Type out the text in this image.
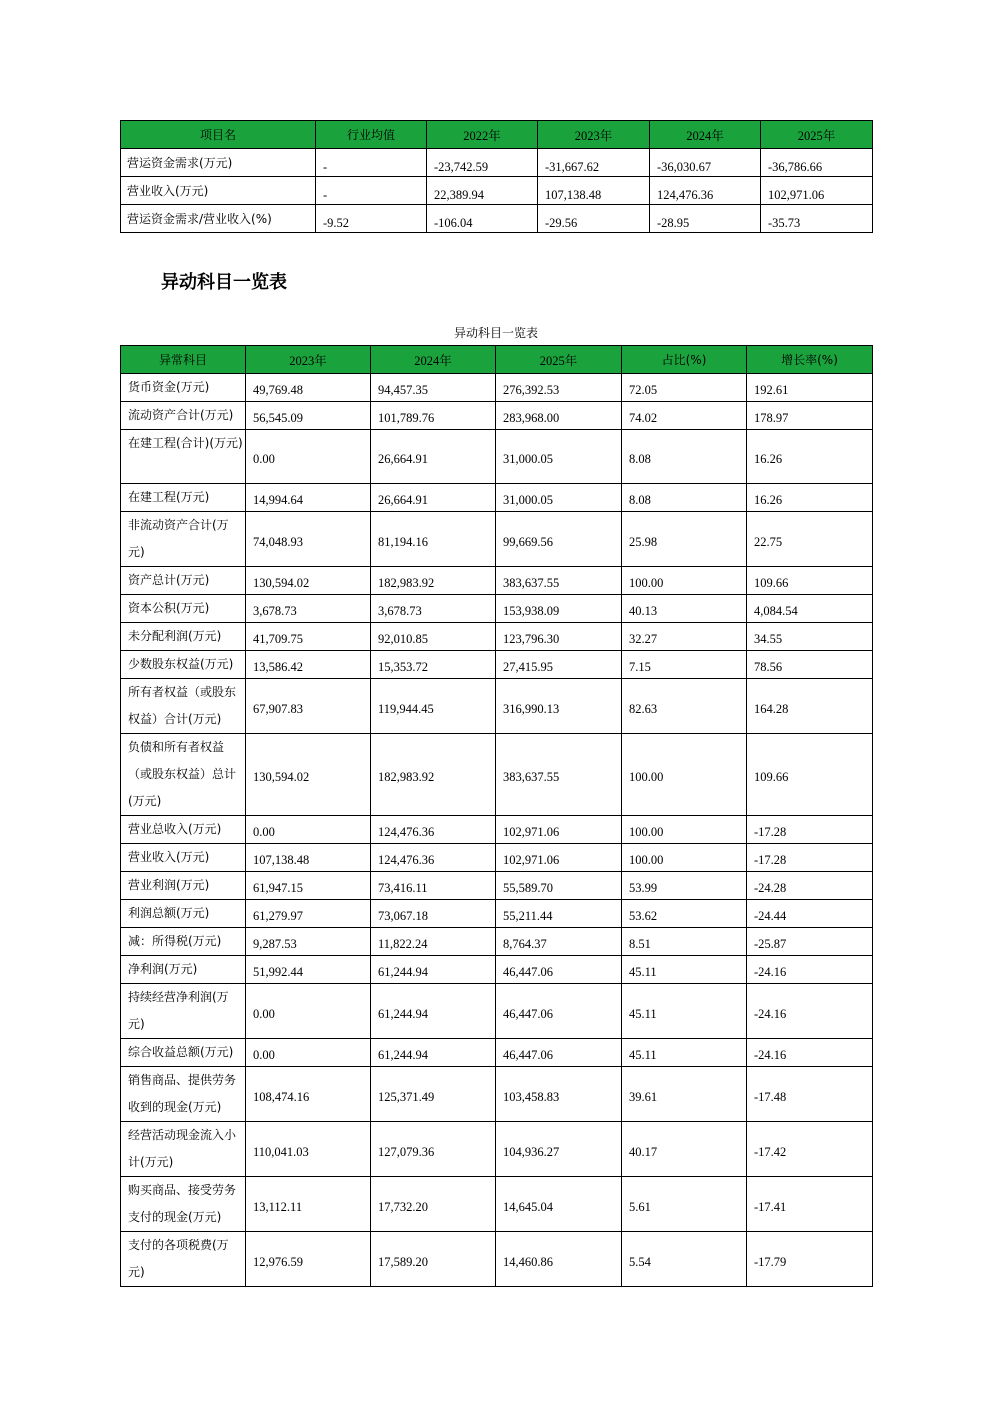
项目名	行业均值	2022年	2023年	2024年	2025年
营运资金需求(万元)	-	-23,742.59	-31,667.62	-36,030.67	-36,786.66
营业收入(万元)	-	22,389.94	107,138.48	124,476.36	102,971.06
营运资金需求/营业收入(%)	-9.52	-106.04	-29.56	-28.95	-35.73
异动科目一览表
异动科目一览表
异常科目	2023年	2024年	2025年	占比(%)	增长率(%)
货币资金(万元)	49,769.48	94,457.35	276,392.53	72.05	192.61
流动资产合计(万元)	56,545.09	101,789.76	283,968.00	74.02	178.97
在建工程(合计)(万元)	0.00	26,664.91	31,000.05	8.08	16.26
在建工程(万元)	14,994.64	26,664.91	31,000.05	8.08	16.26
非流动资产合计(万元)	74,048.93	81,194.16	99,669.56	25.98	22.75
资产总计(万元)	130,594.02	182,983.92	383,637.55	100.00	109.66
资本公积(万元)	3,678.73	3,678.73	153,938.09	40.13	4,084.54
未分配利润(万元)	41,709.75	92,010.85	123,796.30	32.27	34.55
少数股东权益(万元)	13,586.42	15,353.72	27,415.95	7.15	78.56
所有者权益（或股东权益）合计(万元)	67,907.83	119,944.45	316,990.13	82.63	164.28
负债和所有者权益（或股东权益）总计(万元)	130,594.02	182,983.92	383,637.55	100.00	109.66
营业总收入(万元)	0.00	124,476.36	102,971.06	100.00	-17.28
营业收入(万元)	107,138.48	124,476.36	102,971.06	100.00	-17.28
营业利润(万元)	61,947.15	73,416.11	55,589.70	53.99	-24.28
利润总额(万元)	61,279.97	73,067.18	55,211.44	53.62	-24.44
减：所得税(万元)	9,287.53	11,822.24	8,764.37	8.51	-25.87
净利润(万元)	51,992.44	61,244.94	46,447.06	45.11	-24.16
持续经营净利润(万元)	0.00	61,244.94	46,447.06	45.11	-24.16
综合收益总额(万元)	0.00	61,244.94	46,447.06	45.11	-24.16
销售商品、提供劳务收到的现金(万元)	108,474.16	125,371.49	103,458.83	39.61	-17.48
经营活动现金流入小计(万元)	110,041.03	127,079.36	104,936.27	40.17	-17.42
购买商品、接受劳务支付的现金(万元)	13,112.11	17,732.20	14,645.04	5.61	-17.41
支付的各项税费(万元)	12,976.59	17,589.20	14,460.86	5.54	-17.79
